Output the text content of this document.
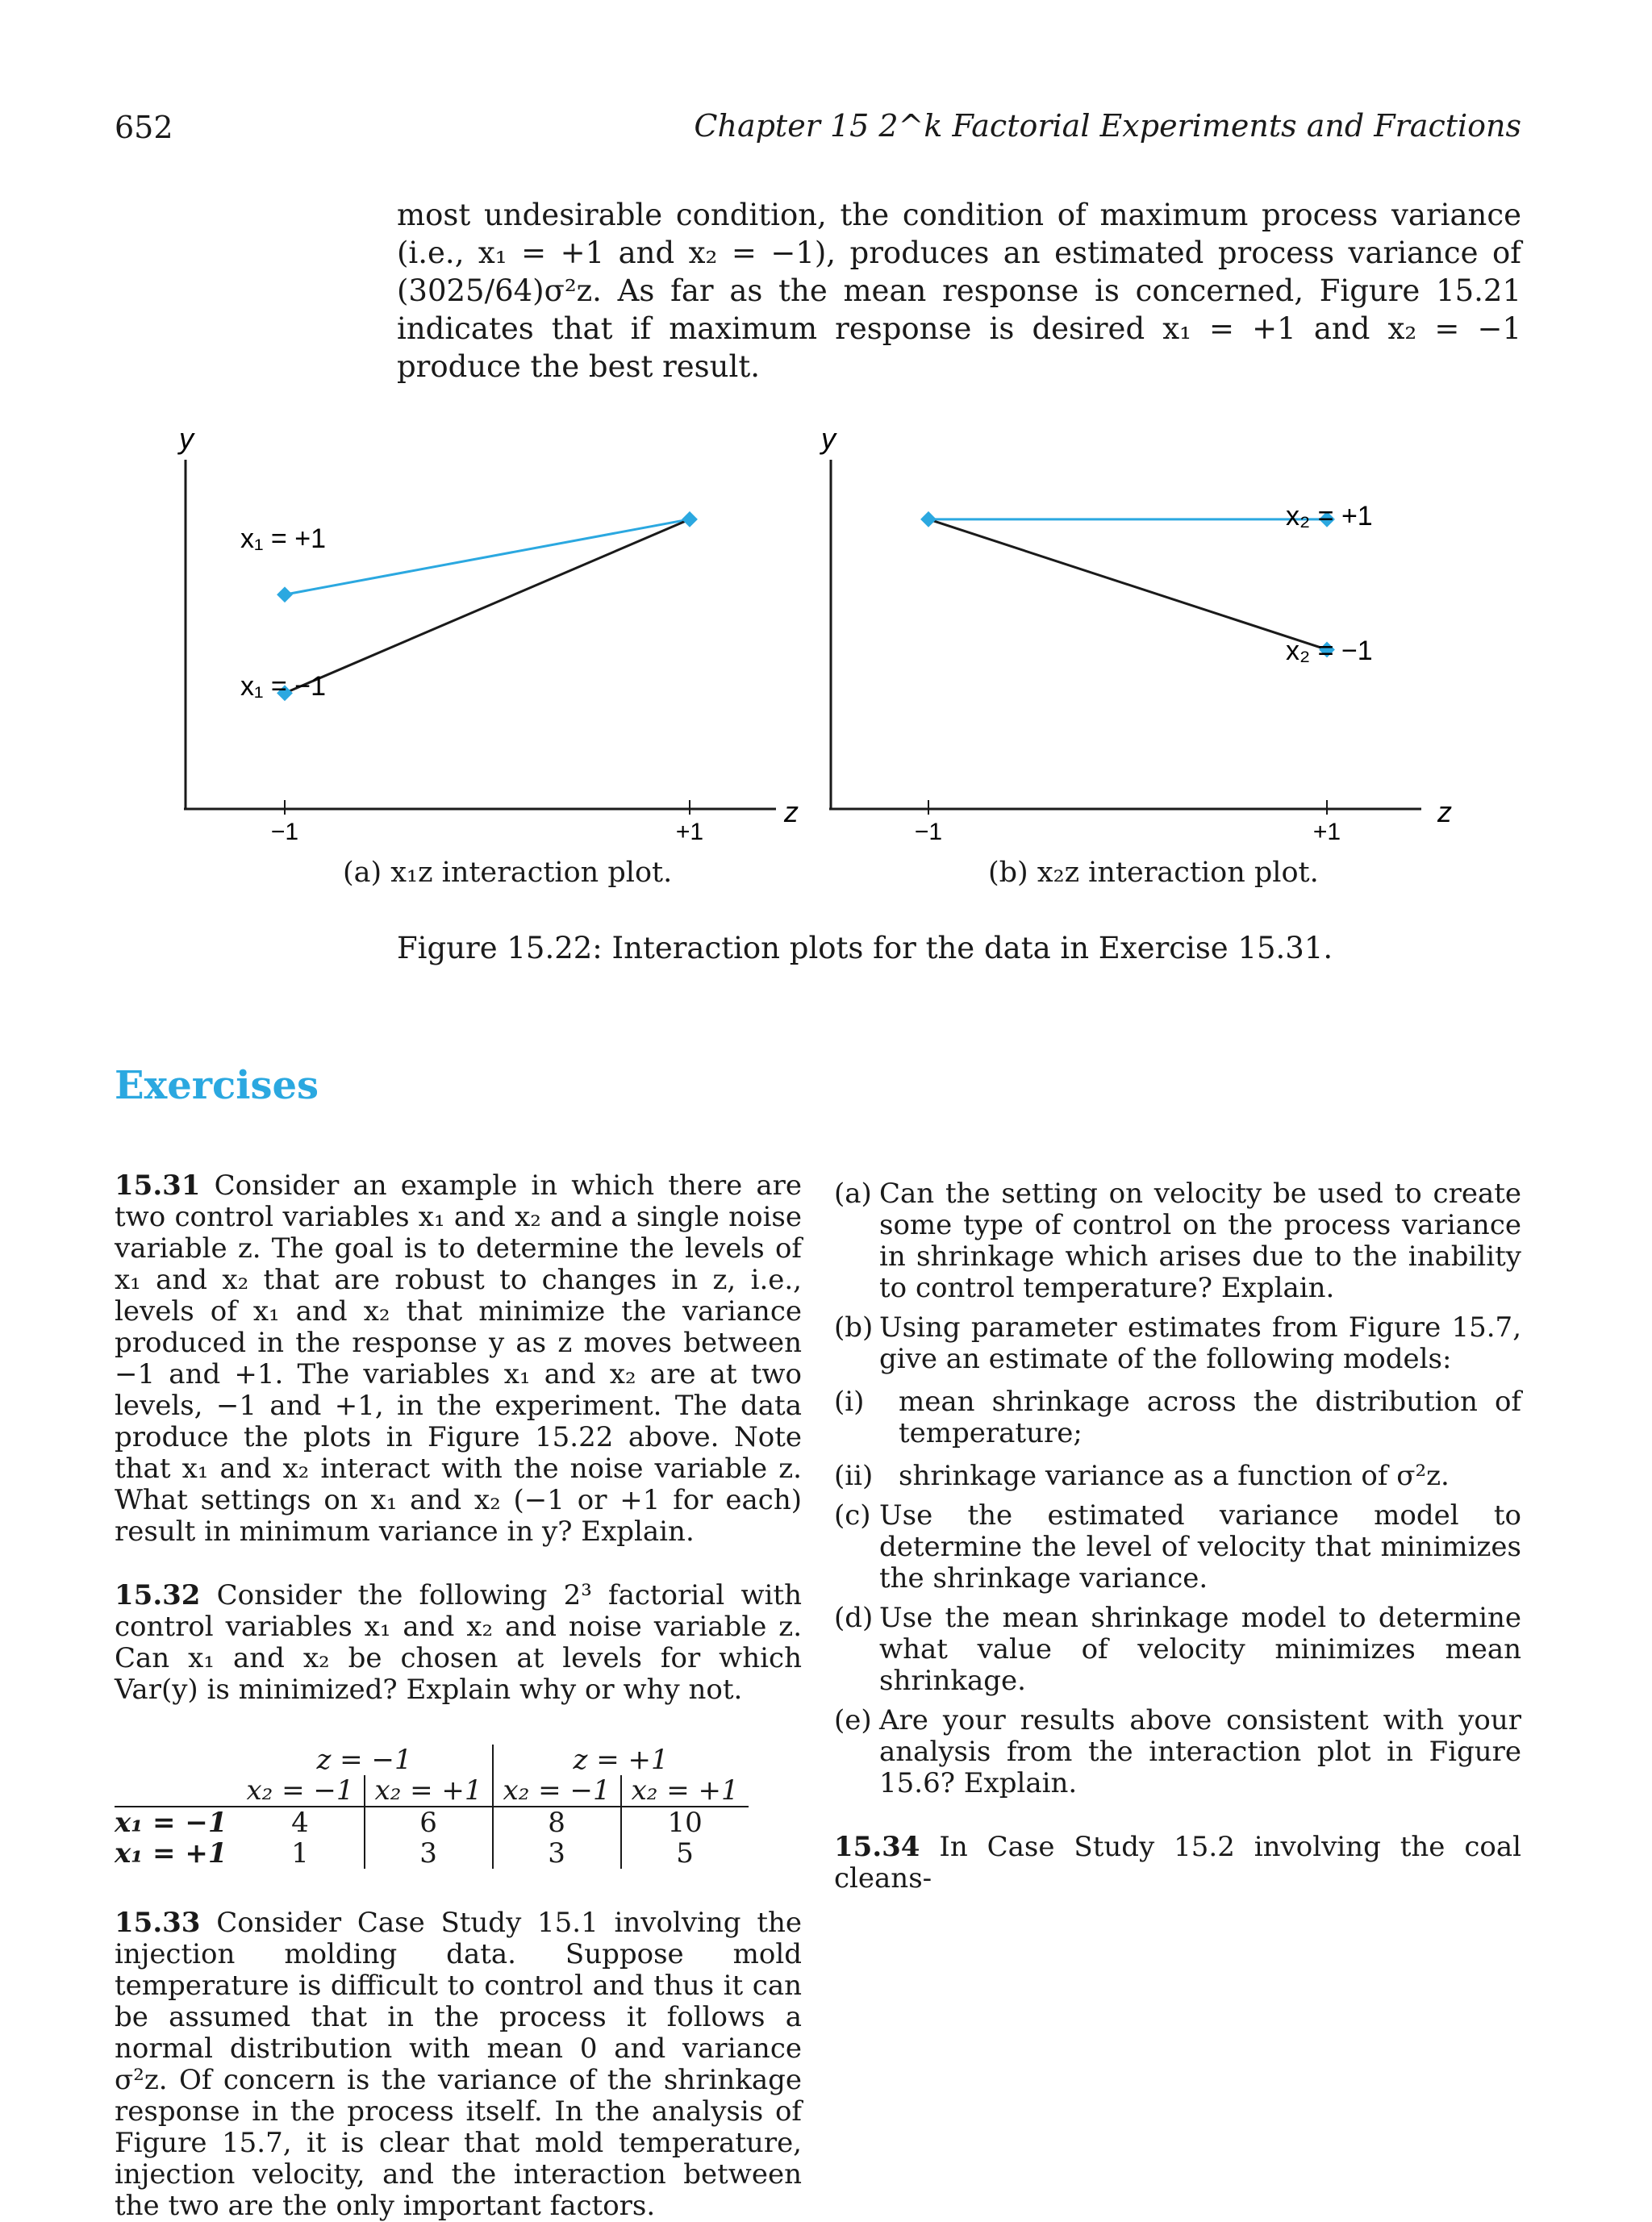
652	Chapter 15 2^k Factorial Experiments and Fractions
most undesirable condition, the condition of maximum process variance (i.e., x₁ = +1 and x₂ = −1), produces an estimated process variance of (3025/64)σ²z. As far as the mean response is concerned, Figure 15.21 indicates that if maximum response is desired x₁ = +1 and x₂ = −1 produce the best result.
y
−1	+1
z
x₁ = +1
x₁ = −1
y
−1	+1
z
x₂ = +1
x₂ = −1
(a) x₁z interaction plot.	(b) x₂z interaction plot.
Figure 15.22: Interaction plots for the data in Exercise 15.31.
Exercises

15.31 Consider an example in which there are two control variables x₁ and x₂ and a single noise variable z. The goal is to determine the levels of x₁ and x₂ that are robust to changes in z, i.e., levels of x₁ and x₂ that minimize the variance produced in the response y as z moves between −1 and +1. The variables x₁ and x₂ are at two levels, −1 and +1, in the experiment. The data produce the plots in Figure 15.22 above. Note that x₁ and x₂ interact with the noise variable z. What settings on x₁ and x₂ (−1 or +1 for each) result in minimum variance in y? Explain.

15.32 Consider the following 2³ factorial with control variables x₁ and x₂ and noise variable z. Can x₁ and x₂ be chosen at levels for which Var(y) is minimized? Explain why or why not.

	z = −1		z = +1	
	x₂ = −1	x₂ = +1	x₂ = −1	x₂ = +1
x₁ = −1	4	6	8	10
x₁ = +1	1	3	3	5

15.33 Consider Case Study 15.1 involving the injection molding data. Suppose mold temperature is difficult to control and thus it can be assumed that in the process it follows a normal distribution with mean 0 and variance σ²z. Of concern is the variance of the shrinkage response in the process itself. In the analysis of Figure 15.7, it is clear that mold temperature, injection velocity, and the interaction between the two are the only important factors.

(a) Can the setting on velocity be used to create some type of control on the process variance in shrinkage which arises due to the inability to control temperature? Explain.

(b) Using parameter estimates from Figure 15.7, give an estimate of the following models:

(i)	mean shrinkage across the distribution of temperature;

(ii) shrinkage variance as a function of σ²z.

(c) Use the estimated variance model to determine the level of velocity that minimizes the shrinkage variance.

(d) Use the mean shrinkage model to determine what value of velocity minimizes mean shrinkage.

(e) Are your results above consistent with your analysis from the interaction plot in Figure 15.6? Explain.

15.34 In Case Study 15.2 involving the coal cleans-
